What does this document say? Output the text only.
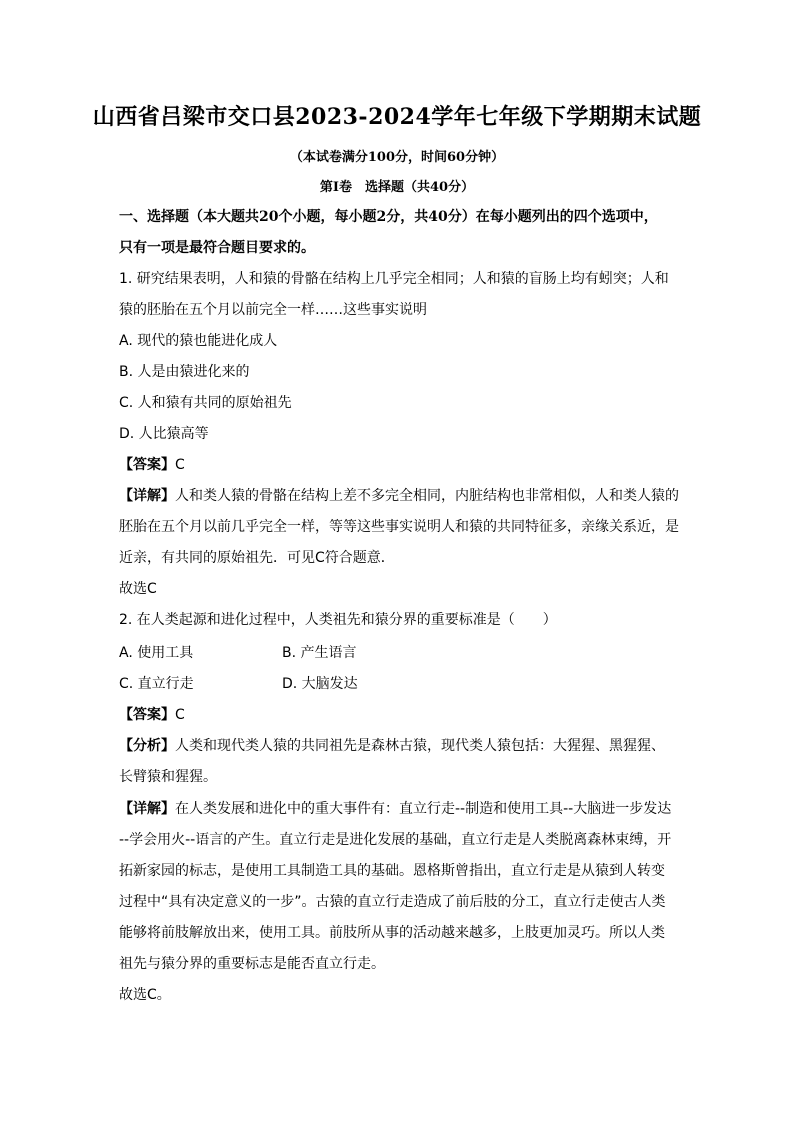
山西省吕梁市交口县2023-2024学年七年级下学期期末试题
（本试卷满分100分，时间60分钟）
第Ⅰ卷　选择题（共40分）
一、选择题（本大题共20个小题，每小题2分，共40分）在每小题列出的四个选项中，
只有一项是最符合题目要求的。
1. 研究结果表明，人和猿的骨骼在结构上几乎完全相同；人和猿的盲肠上均有蚓突；人和
猿的胚胎在五个月以前完全一样……这些事实说明
A. 现代的猿也能进化成人
B. 人是由猿进化来的
C. 人和猿有共同的原始祖先
D. 人比猿高等
【答案】C
【详解】人和类人猿的骨骼在结构上差不多完全相同，内脏结构也非常相似，人和类人猿的
胚胎在五个月以前几乎完全一样，等等这些事实说明人和猿的共同特征多，亲缘关系近，是
近亲，有共同的原始祖先．可见C符合题意．
故选C
2. 在人类起源和进化过程中，人类祖先和猿分界的重要标准是（　　）
A. 使用工具	B. 产生语言
C. 直立行走	D. 大脑发达
【答案】C
【分析】人类和现代类人猿的共同祖先是森林古猿，现代类人猿包括：大猩猩、黑猩猩、
长臂猿和猩猩。
【详解】在人类发展和进化中的重大事件有：直立行走--制造和使用工具--大脑进一步发达
--学会用火--语言的产生。直立行走是进化发展的基础，直立行走是人类脱离森林束缚，开
拓新家园的标志，是使用工具制造工具的基础。恩格斯曾指出，直立行走是从猿到人转变
过程中“具有决定意义的一步”。古猿的直立行走造成了前后肢的分工，直立行走使古人类
能够将前肢解放出来，使用工具。前肢所从事的活动越来越多，上肢更加灵巧。所以人类
祖先与猿分界的重要标志是能否直立行走。
故选C。
